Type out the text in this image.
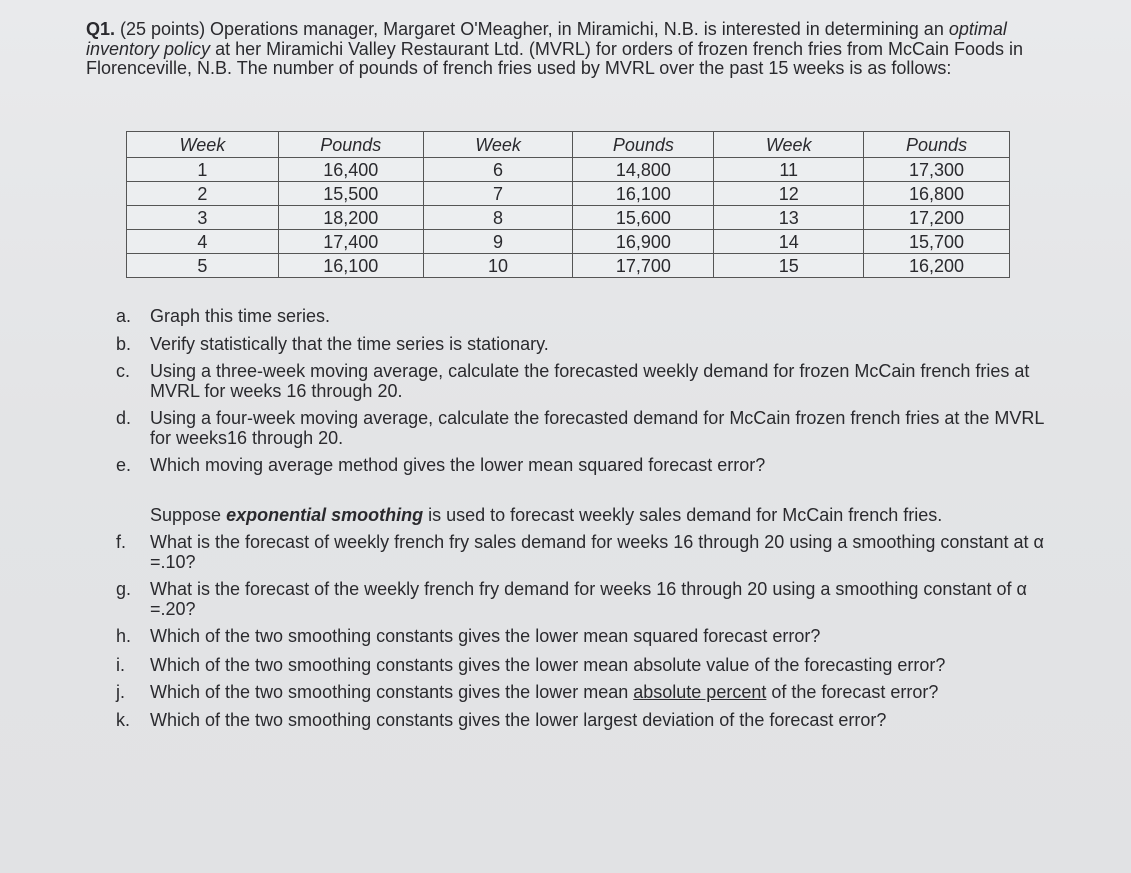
Q1. (25 points) Operations manager, Margaret O'Meagher, in Miramichi, N.B. is interested in determining an optimal inventory policy at her Miramichi Valley Restaurant Ltd. (MVRL) for orders of frozen french fries from McCain Foods in Florenceville, N.B. The number of pounds of french fries used by MVRL over the past 15 weeks is as follows:
Week	Pounds	Week	Pounds	Week	Pounds
1	16,400	6	14,800	11	17,300
2	15,500	7	16,100	12	16,800
3	18,200	8	15,600	13	17,200
4	17,400	9	16,900	14	15,700
5	16,100	10	17,700	15	16,200
a.	Graph this time series.
b.	Verify statistically that the time series is stationary.
c.	Using a three-week moving average, calculate the forecasted weekly demand for frozen McCain french fries at MVRL for weeks 16 through 20.
d.	Using a four-week moving average, calculate the forecasted demand for McCain frozen french fries at the MVRL for weeks16 through 20.
e.	Which moving average method gives the lower mean squared forecast error?
Suppose exponential smoothing is used to forecast weekly sales demand for McCain french fries.
f.	What is the forecast of weekly french fry sales demand for weeks 16 through 20 using a smoothing constant at α =.10?
g.	What is the forecast of the weekly french fry demand for weeks 16 through 20 using a smoothing constant of α =.20?
h.	Which of the two smoothing constants gives the lower mean squared forecast error?
i.	Which of the two smoothing constants gives the lower mean absolute value of the forecasting error?
j.	Which of the two smoothing constants gives the lower mean absolute percent of the forecast error?
k.	Which of the two smoothing constants gives the lower largest deviation of the forecast error?
